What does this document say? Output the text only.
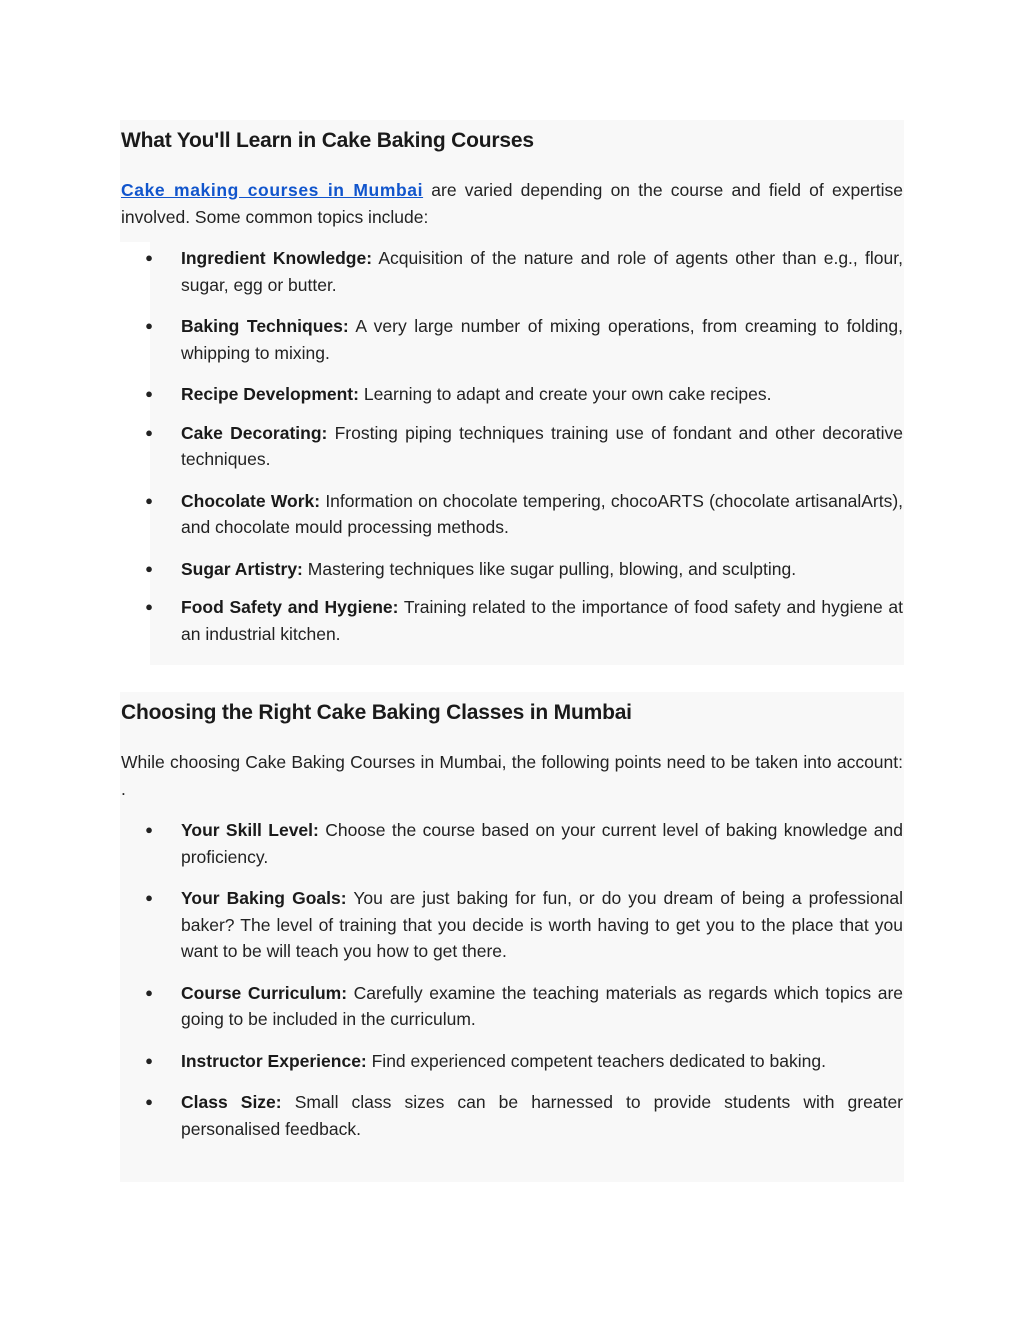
What You'll Learn in Cake Baking Courses

Cake making courses in Mumbai are varied depending on the course and field of expertise involved. Some common topics include:

●	Ingredient Knowledge: Acquisition of the nature and role of agents other than e.g., flour, sugar, egg or butter.
●	Baking Techniques: A very large number of mixing operations, from creaming to folding, whipping to mixing.
●	Recipe Development: Learning to adapt and create your own cake recipes.
●	Cake Decorating: Frosting piping techniques training use of fondant and other decorative techniques.
●	Chocolate Work: Information on chocolate tempering, chocoARTS (chocolate artisanalArts), and chocolate mould processing methods.
●	Sugar Artistry: Mastering techniques like sugar pulling, blowing, and sculpting.
●	Food Safety and Hygiene: Training related to the importance of food safety and hygiene at an industrial kitchen.
Choosing the Right Cake Baking Classes in Mumbai

While choosing Cake Baking Courses in Mumbai, the following points need to be taken into account: .

●	Your Skill Level: Choose the course based on your current level of baking knowledge and proficiency.
●	Your Baking Goals: You are just baking for fun, or do you dream of being a professional baker? The level of training that you decide is worth having to get you to the place that you want to be will teach you how to get there.
●	Course Curriculum: Carefully examine the teaching materials as regards which topics are going to be included in the curriculum.
●	Instructor Experience: Find experienced competent teachers dedicated to baking.
●	Class Size: Small class sizes can be harnessed to provide students with greater personalised feedback.
